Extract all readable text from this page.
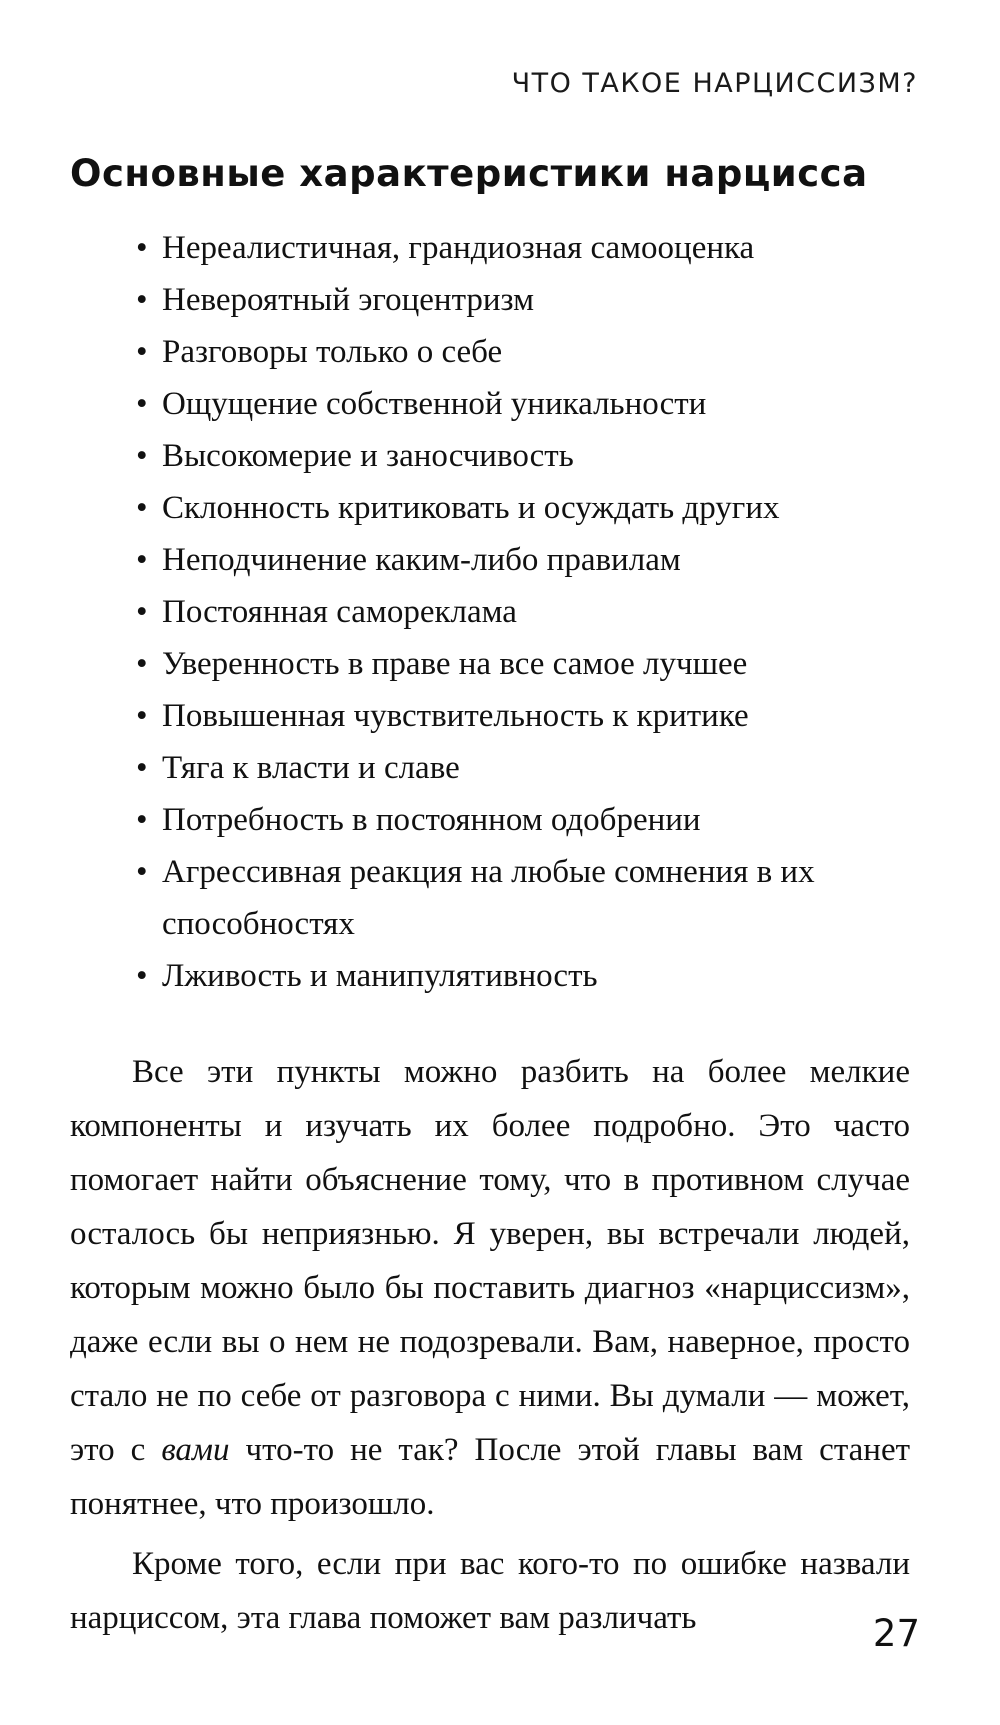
ЧТО ТАКОЕ НАРЦИССИЗМ?
Основные характеристики нарцисса
• Нереалистичная, грандиозная самооценка
• Невероятный эгоцентризм
• Разговоры только о себе
• Ощущение собственной уникальности
• Высокомерие и заносчивость
• Склонность критиковать и осуждать других
• Неподчинение каким-либо правилам
• Постоянная самореклама
• Уверенность в праве на все самое лучшее
• Повышенная чувствительность к критике
• Тяга к власти и славе
• Потребность в постоянном одобрении
• Агрессивная реакция на любые сомнения в их способностях
• Лживость и манипулятивность

Все эти пункты можно разбить на более мелкие компоненты и изучать их более подробно. Это часто помогает найти объяснение тому, что в противном случае осталось бы неприязнью. Я уверен, вы встречали людей, которым можно было бы поставить диагноз «нарциссизм», даже если вы о нем не подозревали. Вам, наверное, просто стало не по себе от разговора с ними. Вы думали — может, это с вами что-то не так? После этой главы вам станет понятнее, что произошло.

Кроме того, если при вас кого-то по ошибке назвали нарциссом, эта глава поможет вам различать	27
